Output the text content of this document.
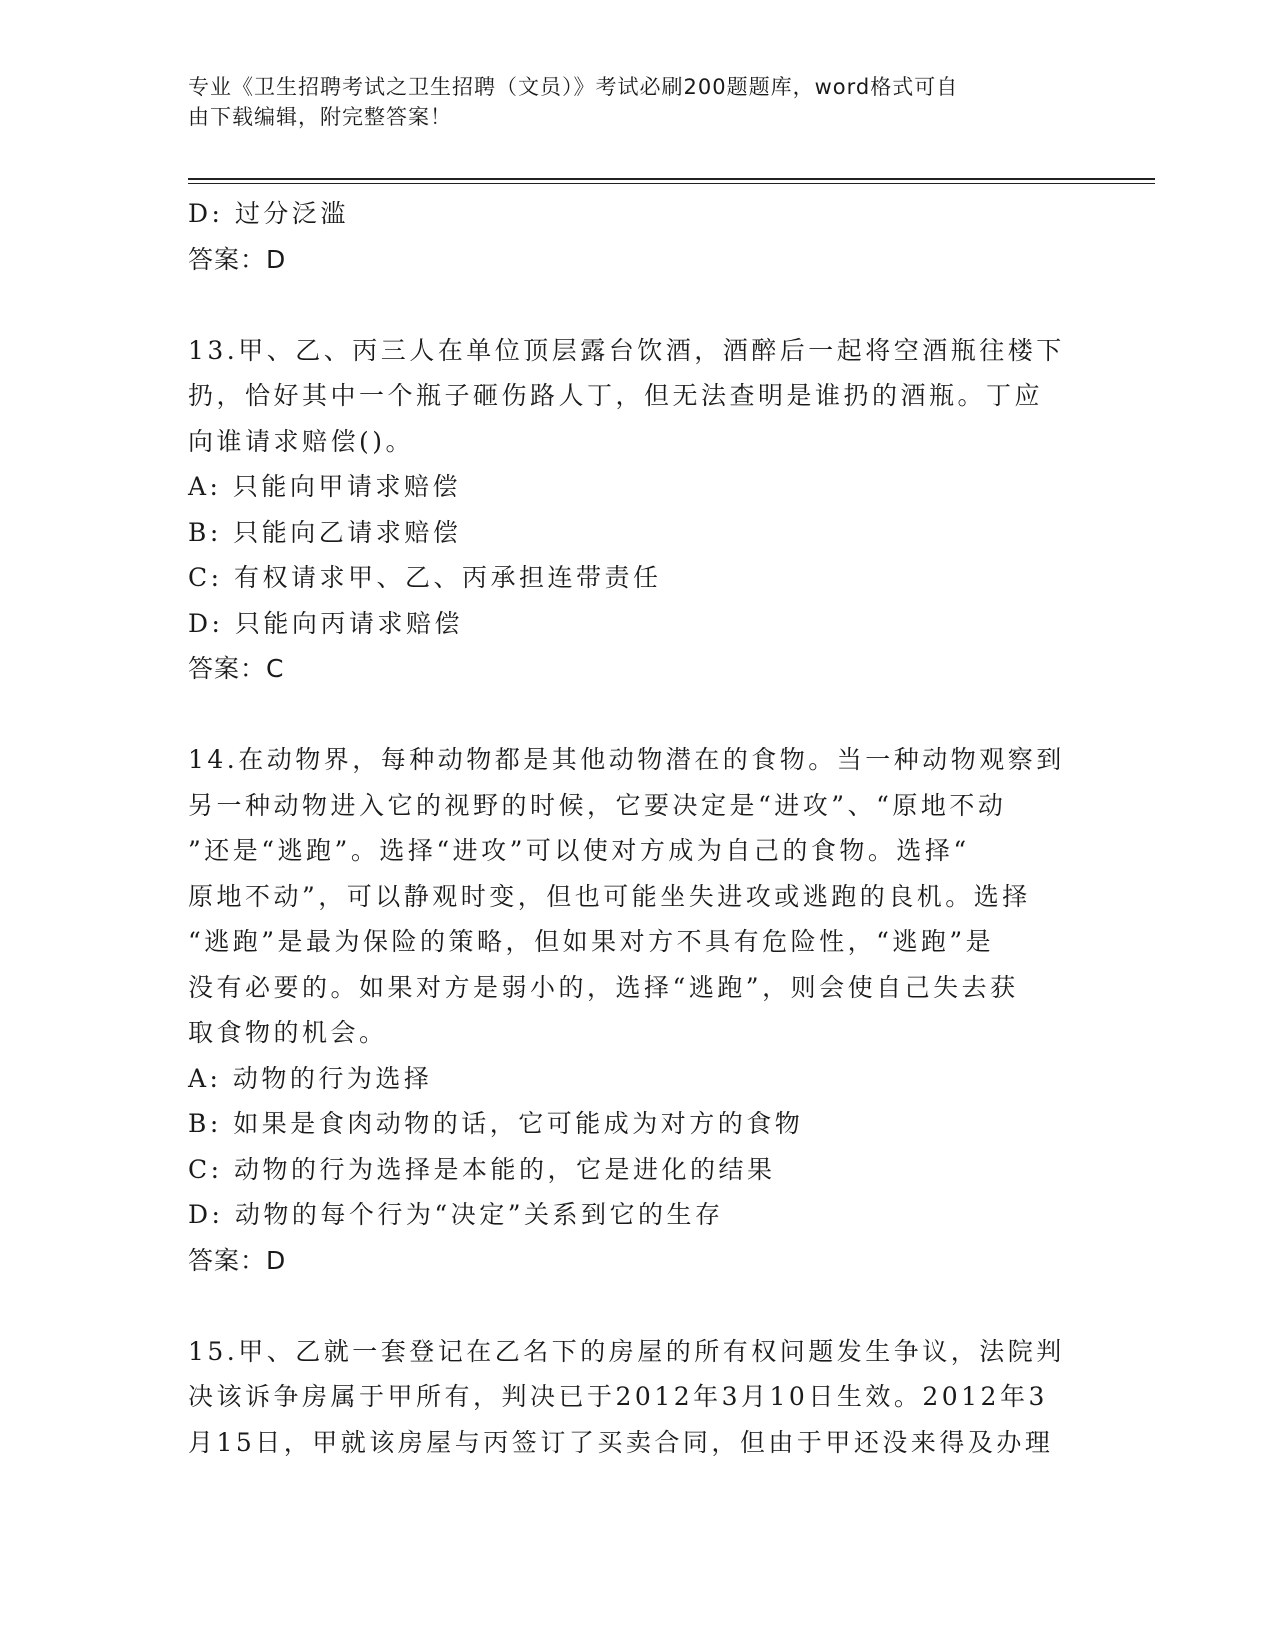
专业《卫生招聘考试之卫生招聘（文员）》考试必刷200题题库，word格式可自
由下载编辑，附完整答案！
D: 过分泛滥
答案：D
13.甲、乙、丙三人在单位顶层露台饮酒，酒醉后一起将空酒瓶往楼下
扔，恰好其中一个瓶子砸伤路人丁，但无法查明是谁扔的酒瓶。丁应
向谁请求赔偿()。
A: 只能向甲请求赔偿
B: 只能向乙请求赔偿
C: 有权请求甲、乙、丙承担连带责任
D: 只能向丙请求赔偿
答案：C
14.在动物界，每种动物都是其他动物潜在的食物。当一种动物观察到
另一种动物进入它的视野的时候，它要决定是“进攻”、“原地不动
”还是“逃跑”。选择“进攻”可以使对方成为自己的食物。选择“
原地不动”，可以静观时变，但也可能坐失进攻或逃跑的良机。选择
“逃跑”是最为保险的策略，但如果对方不具有危险性，“逃跑”是
没有必要的。如果对方是弱小的，选择“逃跑”，则会使自己失去获
取食物的机会。
A: 动物的行为选择
B: 如果是食肉动物的话，它可能成为对方的食物
C: 动物的行为选择是本能的，它是进化的结果
D: 动物的每个行为“决定”关系到它的生存
答案：D
15.甲、乙就一套登记在乙名下的房屋的所有权问题发生争议，法院判
决该诉争房属于甲所有，判决已于2012年3月10日生效。2012年3
月15日，甲就该房屋与丙签订了买卖合同，但由于甲还没来得及办理
